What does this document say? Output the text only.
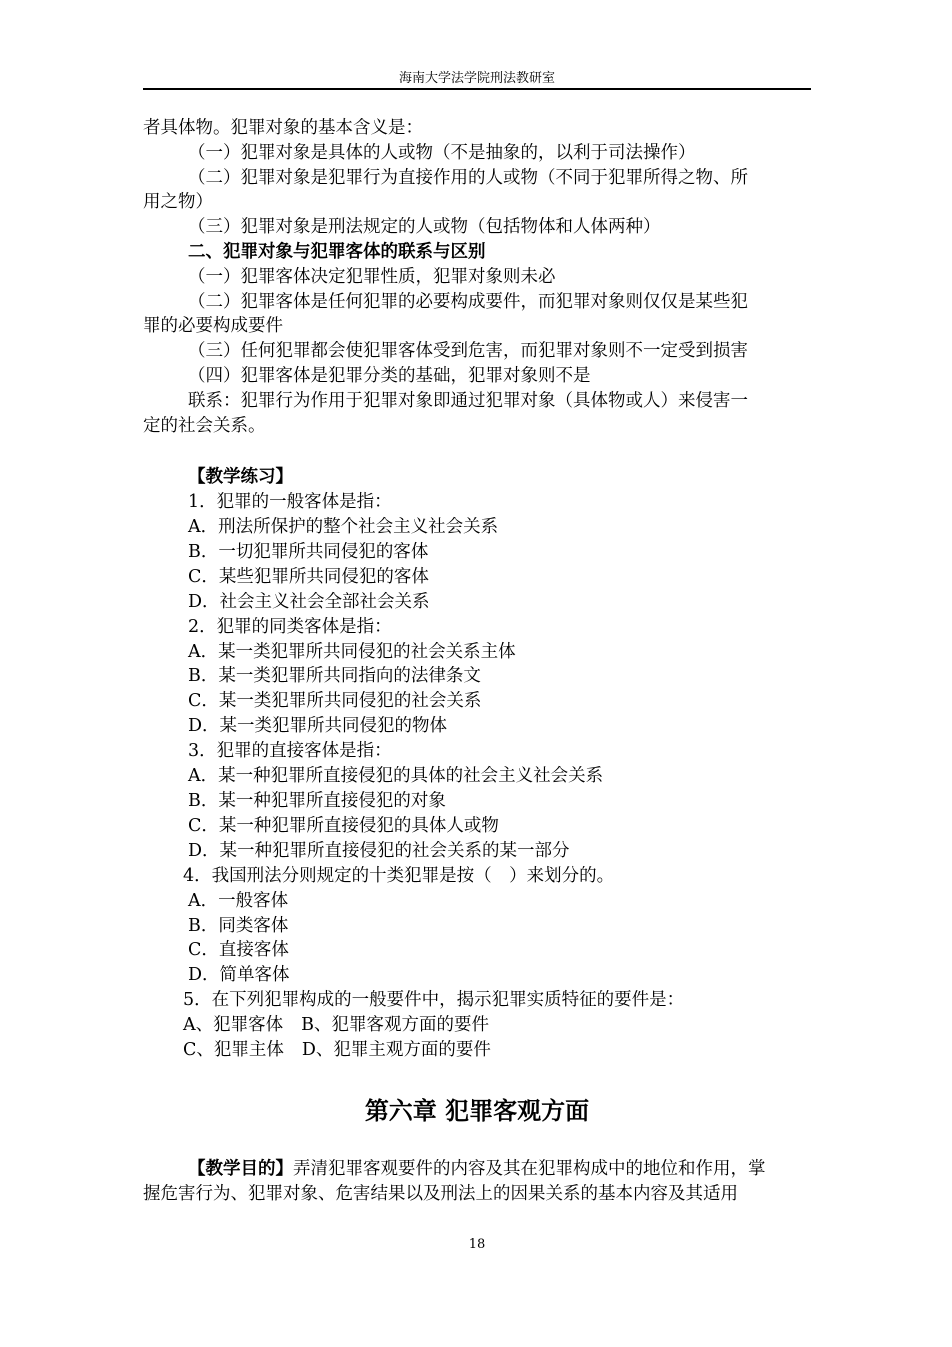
海南大学法学院刑法教研室
者具体物。犯罪对象的基本含义是：
（一）犯罪对象是具体的人或物（不是抽象的，以利于司法操作）
（二）犯罪对象是犯罪行为直接作用的人或物（不同于犯罪所得之物、所
用之物）
（三）犯罪对象是刑法规定的人或物（包括物体和人体两种）
二、犯罪对象与犯罪客体的联系与区别
（一）犯罪客体决定犯罪性质，犯罪对象则未必
（二）犯罪客体是任何犯罪的必要构成要件，而犯罪对象则仅仅是某些犯
罪的必要构成要件
（三）任何犯罪都会使犯罪客体受到危害，而犯罪对象则不一定受到损害
（四）犯罪客体是犯罪分类的基础，犯罪对象则不是
联系：犯罪行为作用于犯罪对象即通过犯罪对象（具体物或人）来侵害一
定的社会关系。
【教学练习】
1．犯罪的一般客体是指：
A．刑法所保护的整个社会主义社会关系
B．一切犯罪所共同侵犯的客体
C．某些犯罪所共同侵犯的客体
D．社会主义社会全部社会关系
2．犯罪的同类客体是指：
A．某一类犯罪所共同侵犯的社会关系主体
B．某一类犯罪所共同指向的法律条文
C．某一类犯罪所共同侵犯的社会关系
D．某一类犯罪所共同侵犯的物体
3．犯罪的直接客体是指：
A．某一种犯罪所直接侵犯的具体的社会主义社会关系
B．某一种犯罪所直接侵犯的对象
C．某一种犯罪所直接侵犯的具体人或物
D．某一种犯罪所直接侵犯的社会关系的某一部分
4．我国刑法分则规定的十类犯罪是按（　）来划分的。
A．一般客体
B．同类客体
C．直接客体
D．简单客体
5．在下列犯罪构成的一般要件中，揭示犯罪实质特征的要件是：
A、犯罪客体 B、犯罪客观方面的要件
C、犯罪主体 D、犯罪主观方面的要件
第六章 犯罪客观方面
【教学目的】弄清犯罪客观要件的内容及其在犯罪构成中的地位和作用，掌
握危害行为、犯罪对象、危害结果以及刑法上的因果关系的基本内容及其适用
18
